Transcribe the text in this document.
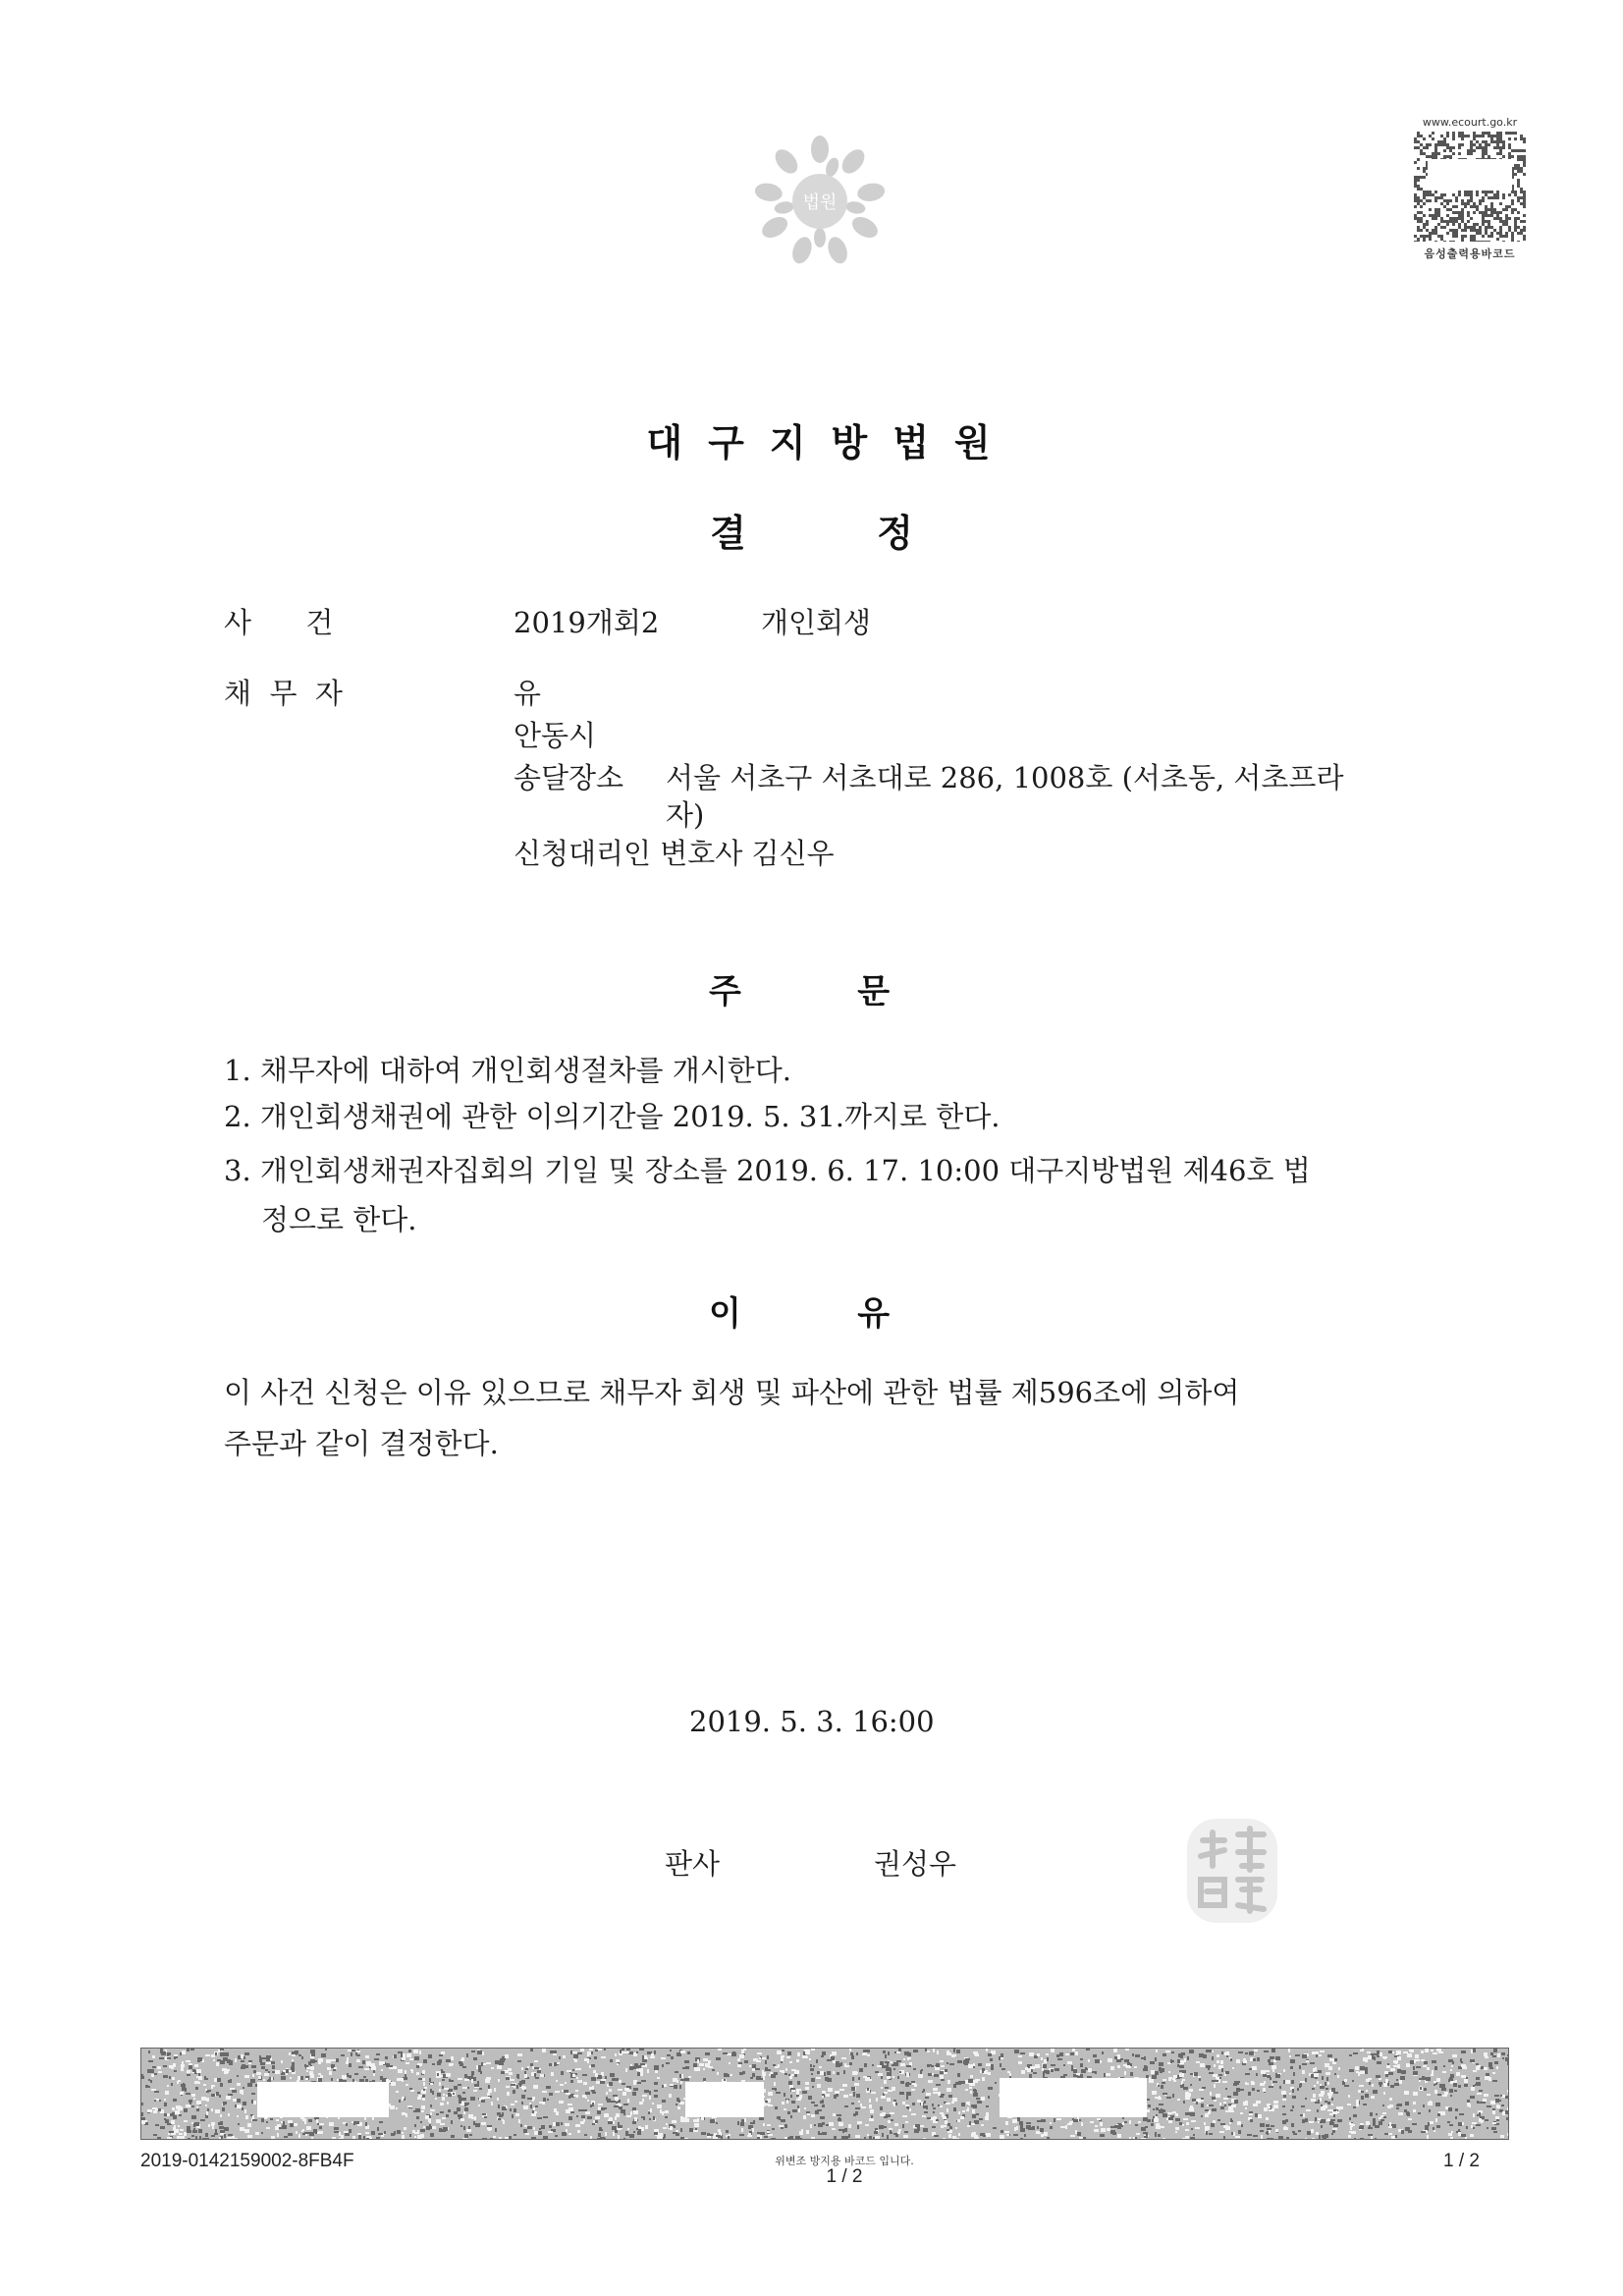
법원
www.ecourt.go.kr
음성출력용바코드
대구지방법원
결 정
사      건	2019개회2	개인회생
채  무  자	유
안동시
송달장소 서울 서초구 서초대로 286, 1008호 (서초동, 서초프라
자)
신청대리인 변호사 김신우
주          문
1. 채무자에 대하여 개인회생절차를 개시한다.
2. 개인회생채권에 관한 이의기간을 2019. 5. 31.까지로 한다.
3. 개인회생채권자집회의 기일 및 장소를 2019. 6. 17. 10:00 대구지방법원 제46호 법
정으로 한다.
이          유
이 사건 신청은 이유 있으므로 채무자 회생 및 파산에 관한 법률 제596조에 의하여
주문과 같이 결정한다.
2019. 5. 3. 16:00
판사	권성우
2019-0142159002-8FB4F	위변조 방지용 바코드 입니다.
1 / 2
1 / 2
